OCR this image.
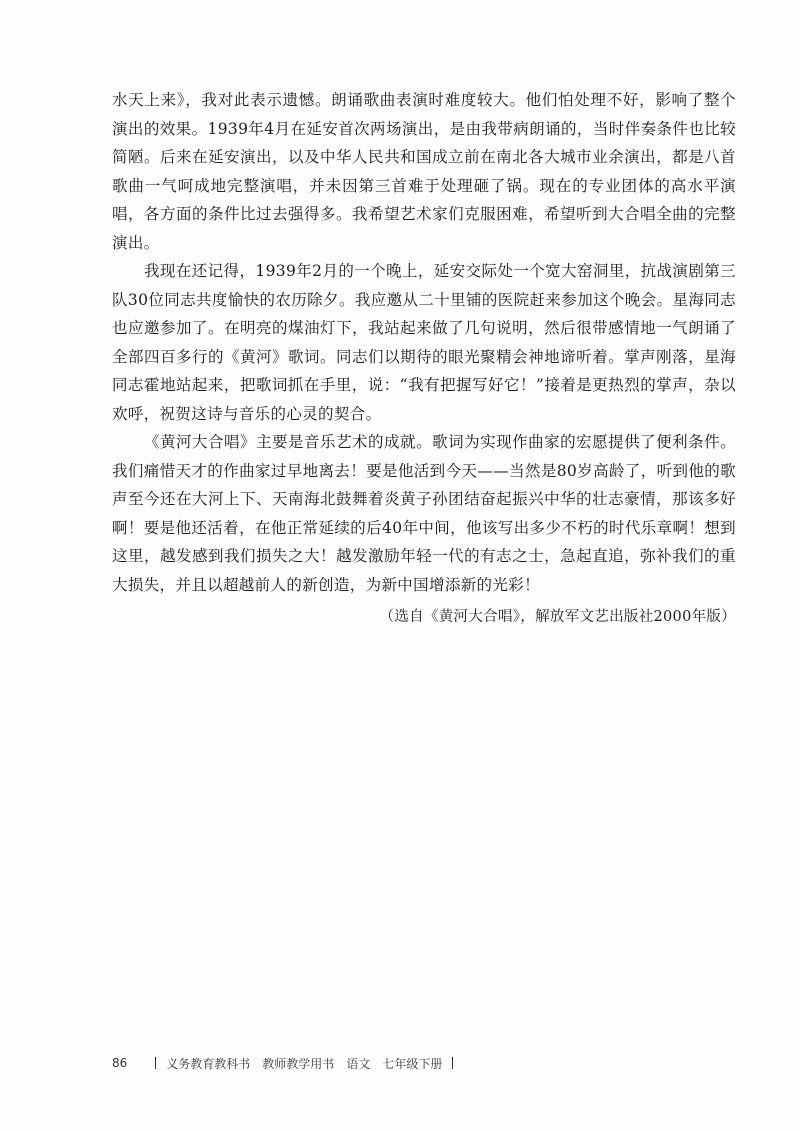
水天上来》，我对此表示遗憾。朗诵歌曲表演时难度较大。他们怕处理不好，影响了整个演出的效果。1939年4月在延安首次两场演出，是由我带病朗诵的，当时伴奏条件也比较简陋。后来在延安演出，以及中华人民共和国成立前在南北各大城市业余演出，都是八首歌曲一气呵成地完整演唱，并未因第三首难于处理砸了锅。现在的专业团体的高水平演唱，各方面的条件比过去强得多。我希望艺术家们克服困难，希望听到大合唱全曲的完整演出。

我现在还记得，1939年2月的一个晚上，延安交际处一个宽大窑洞里，抗战演剧第三队30位同志共度愉快的农历除夕。我应邀从二十里铺的医院赶来参加这个晚会。星海同志也应邀参加了。在明亮的煤油灯下，我站起来做了几句说明，然后很带感情地一气朗诵了全部四百多行的《黄河》歌词。同志们以期待的眼光聚精会神地谛听着。掌声刚落，星海同志霍地站起来，把歌词抓在手里，说：“我有把握写好它！”接着是更热烈的掌声，杂以欢呼，祝贺这诗与音乐的心灵的契合。

《黄河大合唱》主要是音乐艺术的成就。歌词为实现作曲家的宏愿提供了便利条件。我们痛惜天才的作曲家过早地离去！要是他活到今天——当然是80岁高龄了，听到他的歌声至今还在大河上下、天南海北鼓舞着炎黄子孙团结奋起振兴中华的壮志豪情，那该多好啊！要是他还活着，在他正常延续的后40年中间，他该写出多少不朽的时代乐章啊！想到这里，越发感到我们损失之大！越发激励年轻一代的有志之士，急起直追，弥补我们的重大损失，并且以超越前人的新创造，为新中国增添新的光彩！

（选自《黄河大合唱》，解放军文艺出版社2000年版）

86	义务教育教科书 教师教学用书 语文 七年级下册
